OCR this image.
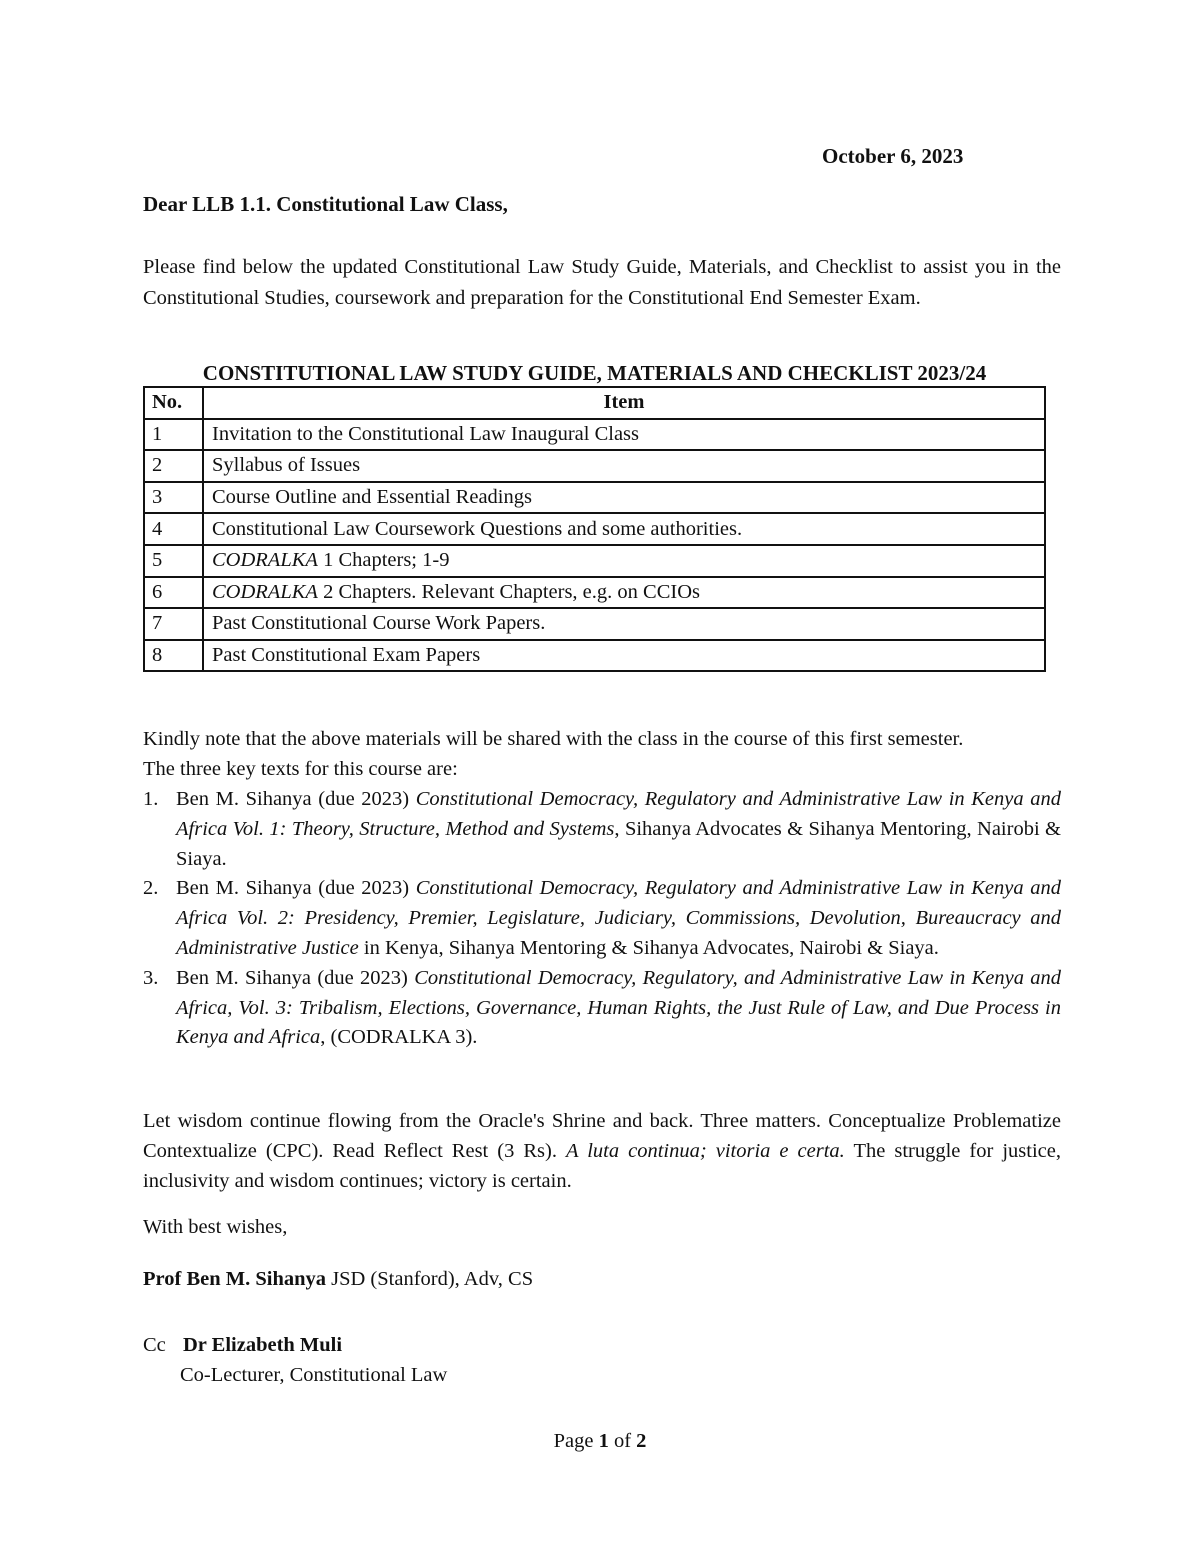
October 6, 2023
Dear LLB 1.1. Constitutional Law Class,
Please find below the updated Constitutional Law Study Guide, Materials, and Checklist to assist you in the Constitutional Studies, coursework and preparation for the Constitutional End Semester Exam.
CONSTITUTIONAL LAW STUDY GUIDE, MATERIALS AND CHECKLIST 2023/24
No.	Item
1	Invitation to the Constitutional Law Inaugural Class
2	Syllabus of Issues
3	Course Outline and Essential Readings
4	Constitutional Law Coursework Questions and some authorities.
5	CODRALKA 1 Chapters; 1-9
6	CODRALKA 2 Chapters. Relevant Chapters, e.g. on CCIOs
7	Past Constitutional Course Work Papers.
8	Past Constitutional Exam Papers
Kindly note that the above materials will be shared with the class in the course of this first semester.
The three key texts for this course are:
1. Ben M. Sihanya (due 2023) Constitutional Democracy, Regulatory and Administrative Law in Kenya and Africa Vol. 1: Theory, Structure, Method and Systems, Sihanya Advocates & Sihanya Mentoring, Nairobi & Siaya.
2. Ben M. Sihanya (due 2023) Constitutional Democracy, Regulatory and Administrative Law in Kenya and Africa Vol. 2: Presidency, Premier, Legislature, Judiciary, Commissions, Devolution, Bureaucracy and Administrative Justice in Kenya, Sihanya Mentoring & Sihanya Advocates, Nairobi & Siaya.
3. Ben M. Sihanya (due 2023) Constitutional Democracy, Regulatory, and Administrative Law in Kenya and Africa, Vol. 3: Tribalism, Elections, Governance, Human Rights, the Just Rule of Law, and Due Process in Kenya and Africa, (CODRALKA 3).
Let wisdom continue flowing from the Oracle's Shrine and back. Three matters. Conceptualize Problematize Contextualize (CPC). Read Reflect Rest (3 Rs). A luta continua; vitoria e certa. The struggle for justice, inclusivity and wisdom continues; victory is certain.
With best wishes,
Prof Ben M. Sihanya JSD (Stanford), Adv, CS
Cc Dr Elizabeth Muli
Co-Lecturer, Constitutional Law
Page 1 of 2
